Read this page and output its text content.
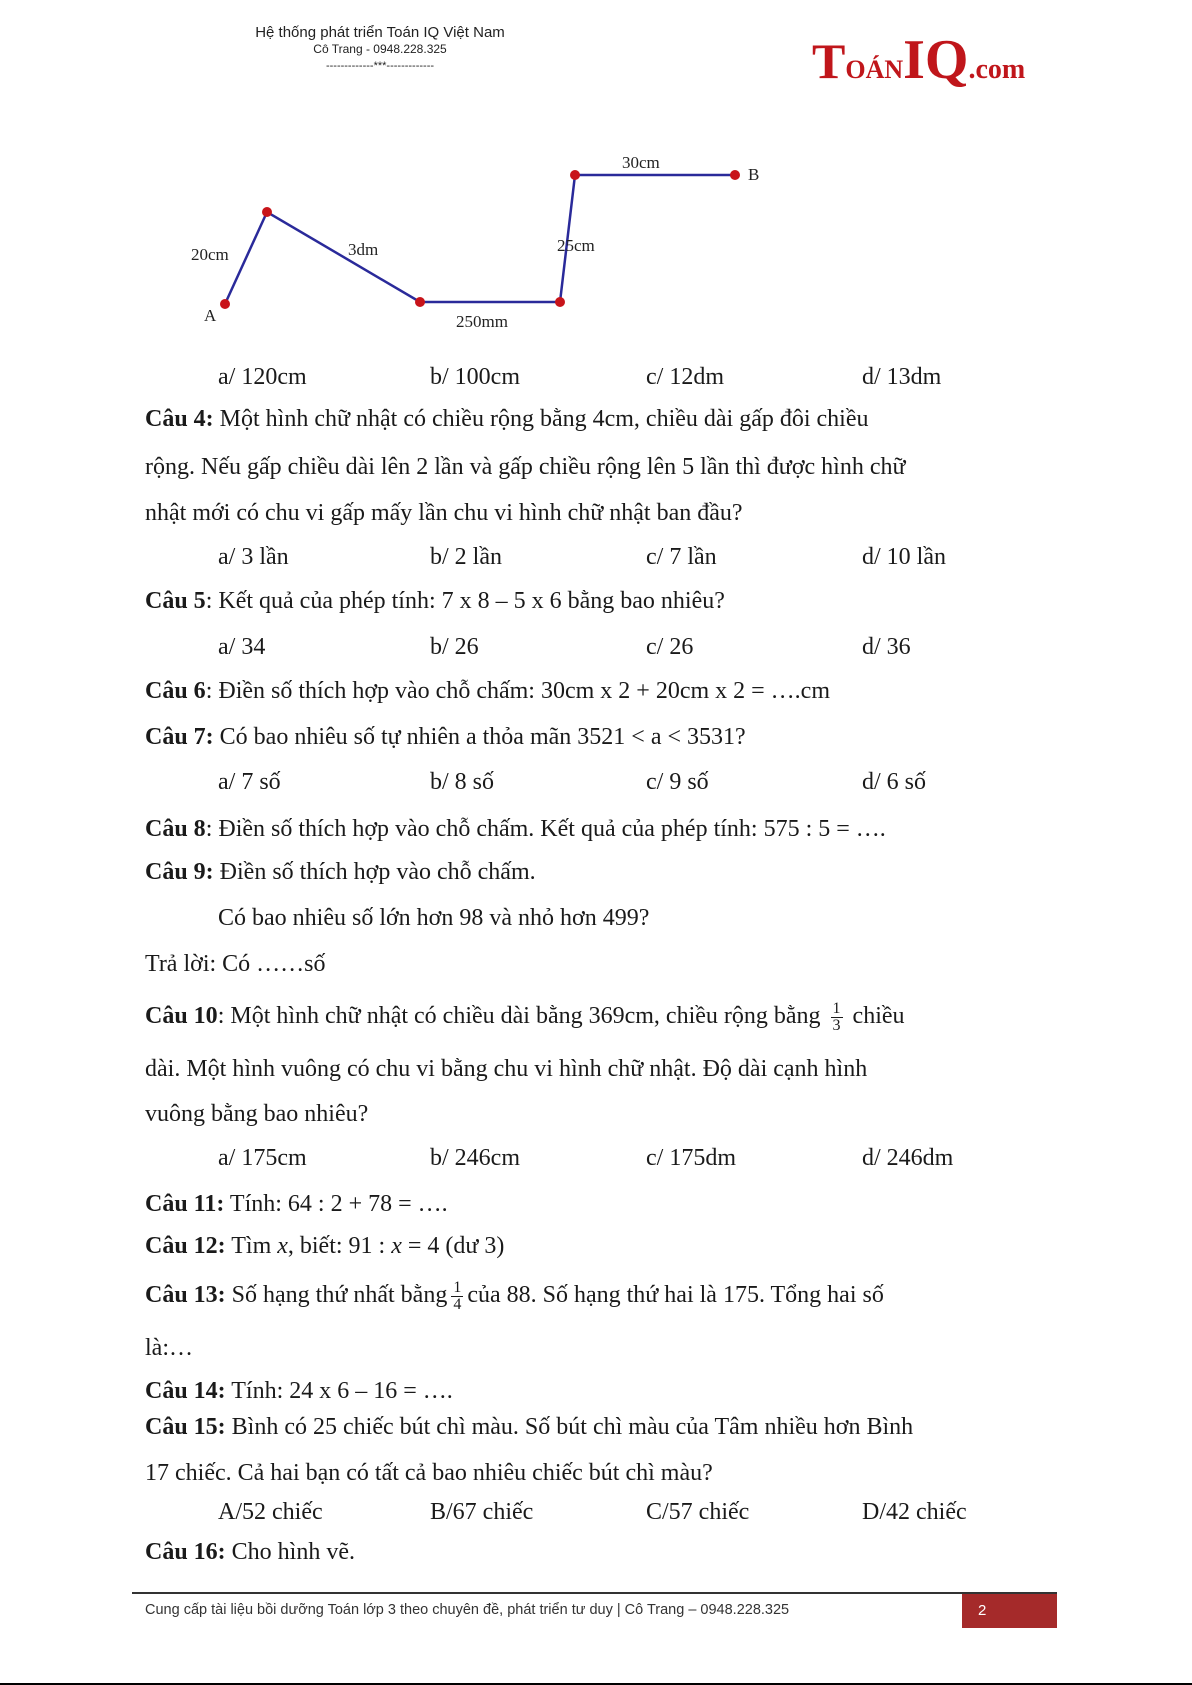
Hệ thống phát triển Toán IQ Việt Nam
Cô Trang - 0948.228.325
-------------***-------------	TOÁNIQ.com
A
B
20cm	3dm
250mm
25cm
30cm
a/ 120cm	b/ 100cm	c/ 12dm	d/ 13dm
Câu 4: Một hình chữ nhật có chiều rộng bằng 4cm, chiều dài gấp đôi chiều
rộng. Nếu gấp chiều dài lên 2 lần và gấp chiều rộng lên 5 lần thì được hình chữ
nhật mới có chu vi gấp mấy lần chu vi hình chữ nhật ban đầu?
a/ 3 lần	b/ 2 lần	c/ 7 lần	d/ 10 lần
Câu 5: Kết quả của phép tính: 7 x 8 – 5 x 6 bằng bao nhiêu?
a/ 34	b/ 26	c/ 26	d/ 36
Câu 6: Điền số thích hợp vào chỗ chấm: 30cm x 2 + 20cm x 2 = ….cm
Câu 7: Có bao nhiêu số tự nhiên a thỏa mãn 3521 < a < 3531?
a/ 7 số	b/ 8 số	c/ 9 số	d/ 6 số
Câu 8: Điền số thích hợp vào chỗ chấm. Kết quả của phép tính: 575 : 5 = ….
Câu 9: Điền số thích hợp vào chỗ chấm.
Có bao nhiêu số lớn hơn 98 và nhỏ hơn 499?
Trả lời: Có ……số
Câu 10: Một hình chữ nhật có chiều dài bằng 369cm, chiều rộng bằng $\frac{1}{3}$ chiều
dài. Một hình vuông có chu vi bằng chu vi hình chữ nhật. Độ dài cạnh hình
vuông bằng bao nhiêu?
a/ 175cm	b/ 246cm	c/ 175dm	d/ 246dm
Câu 11: Tính: 64 : 2 + 78 = ….
Câu 12: Tìm x, biết: 91 : x = 4 (dư 3)
Câu 13: Số hạng thứ nhất bằng $\frac{1}{4}$ của 88. Số hạng thứ hai là 175. Tổng hai số
là:…
Câu 14: Tính: 24 x 6 – 16 = ….
Câu 15: Bình có 25 chiếc bút chì màu. Số bút chì màu của Tâm nhiều hơn Bình
17 chiếc. Cả hai bạn có tất cả bao nhiêu chiếc bút chì màu?
A/52 chiếc	B/67 chiếc	C/57 chiếc	D/42 chiếc
Câu 16: Cho hình vẽ.
Cung cấp tài liệu bồi dưỡng Toán lớp 3 theo chuyên đề, phát triển tư duy | Cô Trang – 0948.228.325	2
